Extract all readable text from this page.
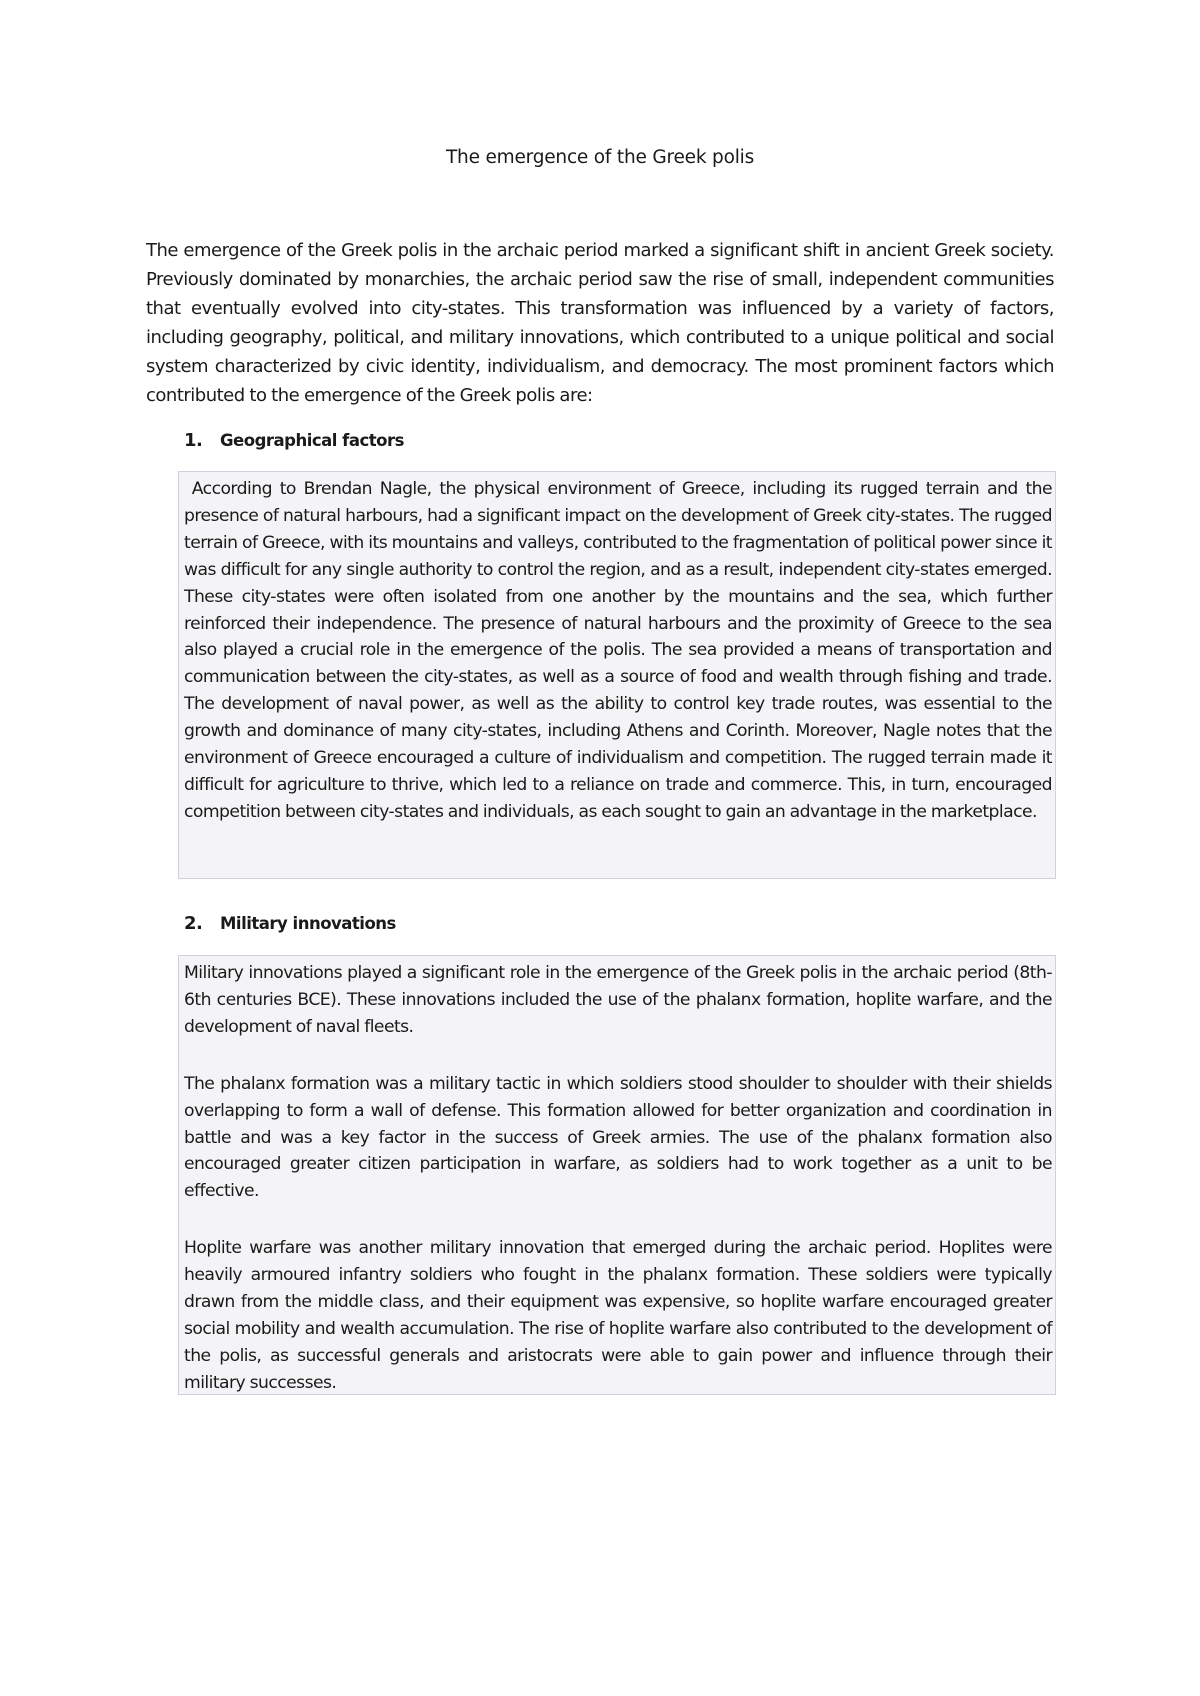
The emergence of the Greek polis

The emergence of the Greek polis in the archaic period marked a significant shift in ancient Greek society. Previously dominated by monarchies, the archaic period saw the rise of small, independent communities that eventually evolved into city-states. This transformation was influenced by a variety of factors, including geography, political, and military innovations, which contributed to a unique political and social system characterized by civic identity, individualism, and democracy. The most prominent factors which contributed to the emergence of the Greek polis are:

1.	Geographical factors

According to Brendan Nagle, the physical environment of Greece, including its rugged terrain and the presence of natural harbours, had a significant impact on the development of Greek city-states. The rugged terrain of Greece, with its mountains and valleys, contributed to the fragmentation of political power since it was difficult for any single authority to control the region, and as a result, independent city-states emerged. These city-states were often isolated from one another by the mountains and the sea, which further reinforced their independence. The presence of natural harbours and the proximity of Greece to the sea also played a crucial role in the emergence of the polis. The sea provided a means of transportation and communication between the city-states, as well as a source of food and wealth through fishing and trade. The development of naval power, as well as the ability to control key trade routes, was essential to the growth and dominance of many city-states, including Athens and Corinth. Moreover, Nagle notes that the environment of Greece encouraged a culture of individualism and competition. The rugged terrain made it difficult for agriculture to thrive, which led to a reliance on trade and commerce. This, in turn, encouraged competition between city-states and individuals, as each sought to gain an advantage in the marketplace.

2.	Military innovations

Military innovations played a significant role in the emergence of the Greek polis in the archaic period (8th-6th centuries BCE). These innovations included the use of the phalanx formation, hoplite warfare, and the development of naval fleets.

The phalanx formation was a military tactic in which soldiers stood shoulder to shoulder with their shields overlapping to form a wall of defense. This formation allowed for better organization and coordination in battle and was a key factor in the success of Greek armies. The use of the phalanx formation also encouraged greater citizen participation in warfare, as soldiers had to work together as a unit to be effective.

Hoplite warfare was another military innovation that emerged during the archaic period. Hoplites were heavily armoured infantry soldiers who fought in the phalanx formation. These soldiers were typically drawn from the middle class, and their equipment was expensive, so hoplite warfare encouraged greater social mobility and wealth accumulation. The rise of hoplite warfare also contributed to the development of the polis, as successful generals and aristocrats were able to gain power and influence through their military successes.
